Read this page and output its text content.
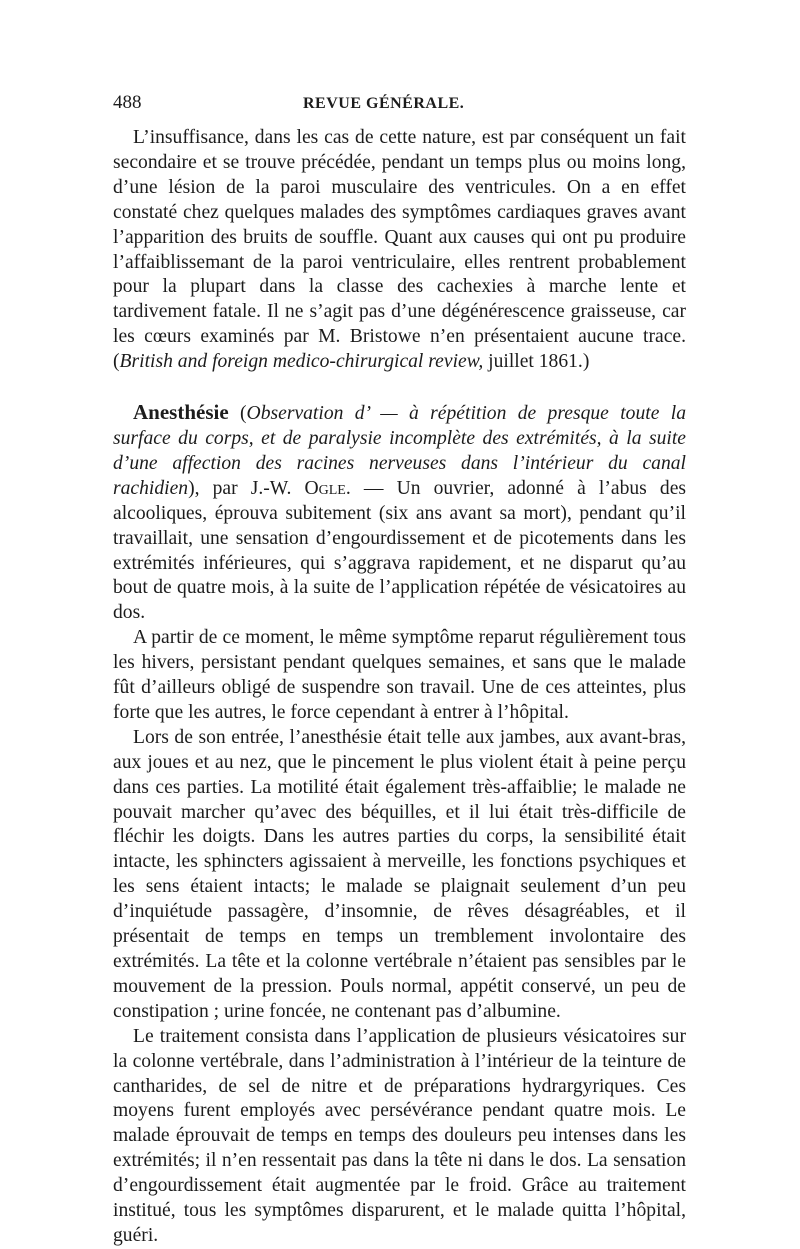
488	REVUE GÉNÉRALE.

L’insuffisance, dans les cas de cette nature, est par conséquent un fait secondaire et se trouve précédée, pendant un temps plus ou moins long, d’une lésion de la paroi musculaire des ventricules. On a en effet constaté chez quelques malades des symptômes cardiaques graves avant l’apparition des bruits de souffle. Quant aux causes qui ont pu produire l’affaiblissemant de la paroi ventriculaire, elles rentrent probablement pour la plupart dans la classe des cachexies à marche lente et tardivement fatale. Il ne s’agit pas d’une dégénérescence graisseuse, car les cœurs examinés par M. Bristowe n’en présentaient aucune trace. (British and foreign medico-chirurgical review, juillet 1861.)

Anesthésie (Observation d’ — à répétition de presque toute la surface du corps, et de paralysie incomplète des extrémités, à la suite d’une affection des racines nerveuses dans l’intérieur du canal rachidien), par J.-W. Ogle. — Un ouvrier, adonné à l’abus des alcooliques, éprouva subitement (six ans avant sa mort), pendant qu’il travaillait, une sensation d’engourdissement et de picotements dans les extrémités inférieures, qui s’aggrava rapidement, et ne disparut qu’au bout de quatre mois, à la suite de l’application répétée de vésicatoires au dos.

A partir de ce moment, le même symptôme reparut régulièrement tous les hivers, persistant pendant quelques semaines, et sans que le malade fût d’ailleurs obligé de suspendre son travail. Une de ces atteintes, plus forte que les autres, le force cependant à entrer à l’hôpital.

Lors de son entrée, l’anesthésie était telle aux jambes, aux avant-bras, aux joues et au nez, que le pincement le plus violent était à peine perçu dans ces parties. La motilité était également très-affaiblie; le malade ne pouvait marcher qu’avec des béquilles, et il lui était très-difficile de fléchir les doigts. Dans les autres parties du corps, la sensibilité était intacte, les sphincters agissaient à merveille, les fonctions psychiques et les sens étaient intacts; le malade se plaignait seulement d’un peu d’inquiétude passagère, d’insomnie, de rêves désagréables, et il présentait de temps en temps un tremblement involontaire des extrémités. La tête et la colonne vertébrale n’étaient pas sensibles par le mouvement de la pression. Pouls normal, appétit conservé, un peu de constipation ; urine foncée, ne contenant pas d’albumine.

Le traitement consista dans l’application de plusieurs vésicatoires sur la colonne vertébrale, dans l’administration à l’intérieur de la teinture de cantharides, de sel de nitre et de préparations hydrargyriques. Ces moyens furent employés avec persévérance pendant quatre mois. Le malade éprouvait de temps en temps des douleurs peu intenses dans les extrémités; il n’en ressentait pas dans la tête ni dans le dos. La sensation d’engourdissement était augmentée par le froid. Grâce au traitement institué, tous les symptômes disparurent, et le malade quitta l’hôpital, guéri.
